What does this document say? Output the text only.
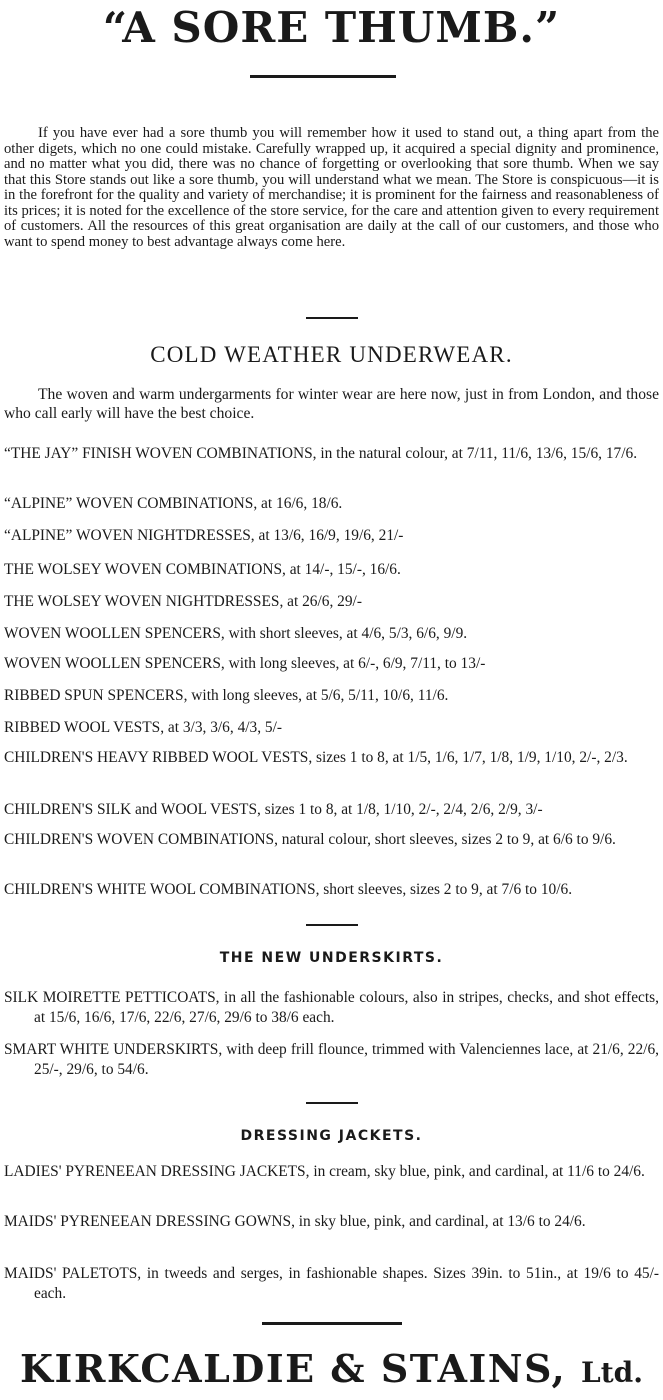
“A SORE THUMB.”
If you have ever had a sore thumb you will remember how it used to stand out, a thing apart from the other digets, which no one could mistake. Carefully wrapped up, it acquired a special dignity and prominence, and no matter what you did, there was no chance of forgetting or overlooking that sore thumb. When we say that this Store stands out like a sore thumb, you will understand what we mean. The Store is conspicuous—it is in the forefront for the quality and variety of merchandise; it is prominent for the fairness and reasonableness of its prices; it is noted for the excellence of the store service, for the care and attention given to every requirement of customers. All the resources of this great organisation are daily at the call of our customers, and those who want to spend money to best advantage always come here.
COLD WEATHER UNDERWEAR.
The woven and warm undergarments for winter wear are here now, just in from London, and those who call early will have the best choice.
“THE JAY” FINISH WOVEN COMBINATIONS, in the natural colour, at 7/11, 11/6, 13/6, 15/6, 17/6.
“ALPINE” WOVEN COMBINATIONS, at 16/6, 18/6.
“ALPINE” WOVEN NIGHTDRESSES, at 13/6, 16/9, 19/6, 21/-
THE WOLSEY WOVEN COMBINATIONS, at 14/-, 15/-, 16/6.
THE WOLSEY WOVEN NIGHTDRESSES, at 26/6, 29/-
WOVEN WOOLLEN SPENCERS, with short sleeves, at 4/6, 5/3, 6/6, 9/9.
WOVEN WOOLLEN SPENCERS, with long sleeves, at 6/-, 6/9, 7/11, to 13/-
RIBBED SPUN SPENCERS, with long sleeves, at 5/6, 5/11, 10/6, 11/6.
RIBBED WOOL VESTS, at 3/3, 3/6, 4/3, 5/-
CHILDREN'S HEAVY RIBBED WOOL VESTS, sizes 1 to 8, at 1/5, 1/6, 1/7, 1/8, 1/9, 1/10, 2/-, 2/3.
CHILDREN'S SILK and WOOL VESTS, sizes 1 to 8, at 1/8, 1/10, 2/-, 2/4, 2/6, 2/9, 3/-
CHILDREN'S WOVEN COMBINATIONS, natural colour, short sleeves, sizes 2 to 9, at 6/6 to 9/6.
CHILDREN'S WHITE WOOL COMBINATIONS, short sleeves, sizes 2 to 9, at 7/6 to 10/6.
THE NEW UNDERSKIRTS.
SILK MOIRETTE PETTICOATS, in all the fashionable colours, also in stripes, checks, and shot effects, at 15/6, 16/6, 17/6, 22/6, 27/6, 29/6 to 38/6 each.
SMART WHITE UNDERSKIRTS, with deep frill flounce, trimmed with Valenciennes lace, at 21/6, 22/6, 25/-, 29/6, to 54/6.
DRESSING JACKETS.
LADIES' PYRENEEAN DRESSING JACKETS, in cream, sky blue, pink, and cardinal, at 11/6 to 24/6.
MAIDS' PYRENEEAN DRESSING GOWNS, in sky blue, pink, and cardinal, at 13/6 to 24/6.
MAIDS' PALETOTS, in tweeds and serges, in fashionable shapes. Sizes 39in. to 51in., at 19/6 to 45/- each.
KIRKCALDIE & STAINS, Ltd.
